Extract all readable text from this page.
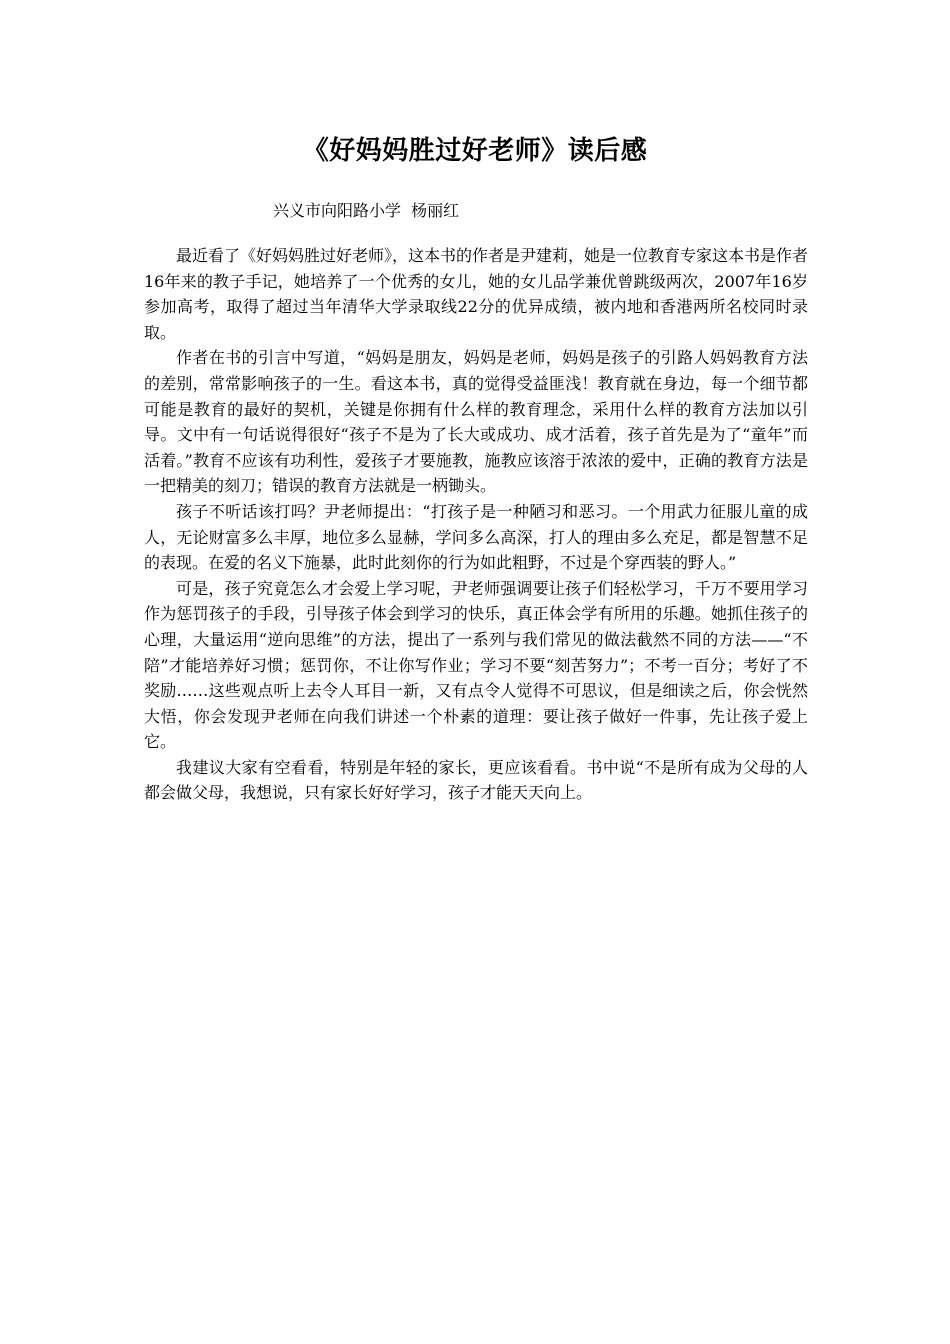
《好妈妈胜过好老师》读后感
兴义市向阳路小学  杨丽红

最近看了《好妈妈胜过好老师》，这本书的作者是尹建莉，她是一位教育专家这本书是作者16年来的教子手记，她培养了一个优秀的女儿，她的女儿品学兼优曾跳级两次，2007年16岁参加高考，取得了超过当年清华大学录取线22分的优异成绩，被内地和香港两所名校同时录取。

作者在书的引言中写道，“妈妈是朋友，妈妈是老师，妈妈是孩子的引路人妈妈教育方法的差别，常常影响孩子的一生。看这本书，真的觉得受益匪浅！教育就在身边，每一个细节都可能是教育的最好的契机，关键是你拥有什么样的教育理念，采用什么样的教育方法加以引导。文中有一句话说得很好“孩子不是为了长大或成功、成才活着，孩子首先是为了“童年”而活着。”教育不应该有功利性，爱孩子才要施教，施教应该溶于浓浓的爱中，正确的教育方法是一把精美的刻刀；错误的教育方法就是一柄锄头。

孩子不听话该打吗？尹老师提出：“打孩子是一种陋习和恶习。一个用武力征服儿童的成人，无论财富多么丰厚，地位多么显赫，学问多么高深，打人的理由多么充足，都是智慧不足的表现。在爱的名义下施暴，此时此刻你的行为如此粗野，不过是个穿西装的野人。”

可是，孩子究竟怎么才会爱上学习呢，尹老师强调要让孩子们轻松学习，千万不要用学习作为惩罚孩子的手段，引导孩子体会到学习的快乐，真正体会学有所用的乐趣。她抓住孩子的心理，大量运用“逆向思维”的方法，提出了一系列与我们常见的做法截然不同的方法——“不陪”才能培养好习惯；惩罚你，不让你写作业；学习不要“刻苦努力”；不考一百分；考好了不奖励……这些观点听上去令人耳目一新，又有点令人觉得不可思议，但是细读之后，你会恍然大悟，你会发现尹老师在向我们讲述一个朴素的道理：要让孩子做好一件事，先让孩子爱上它。

我建议大家有空看看，特别是年轻的家长，更应该看看。书中说“不是所有成为父母的人都会做父母，我想说，只有家长好好学习，孩子才能天天向上。
